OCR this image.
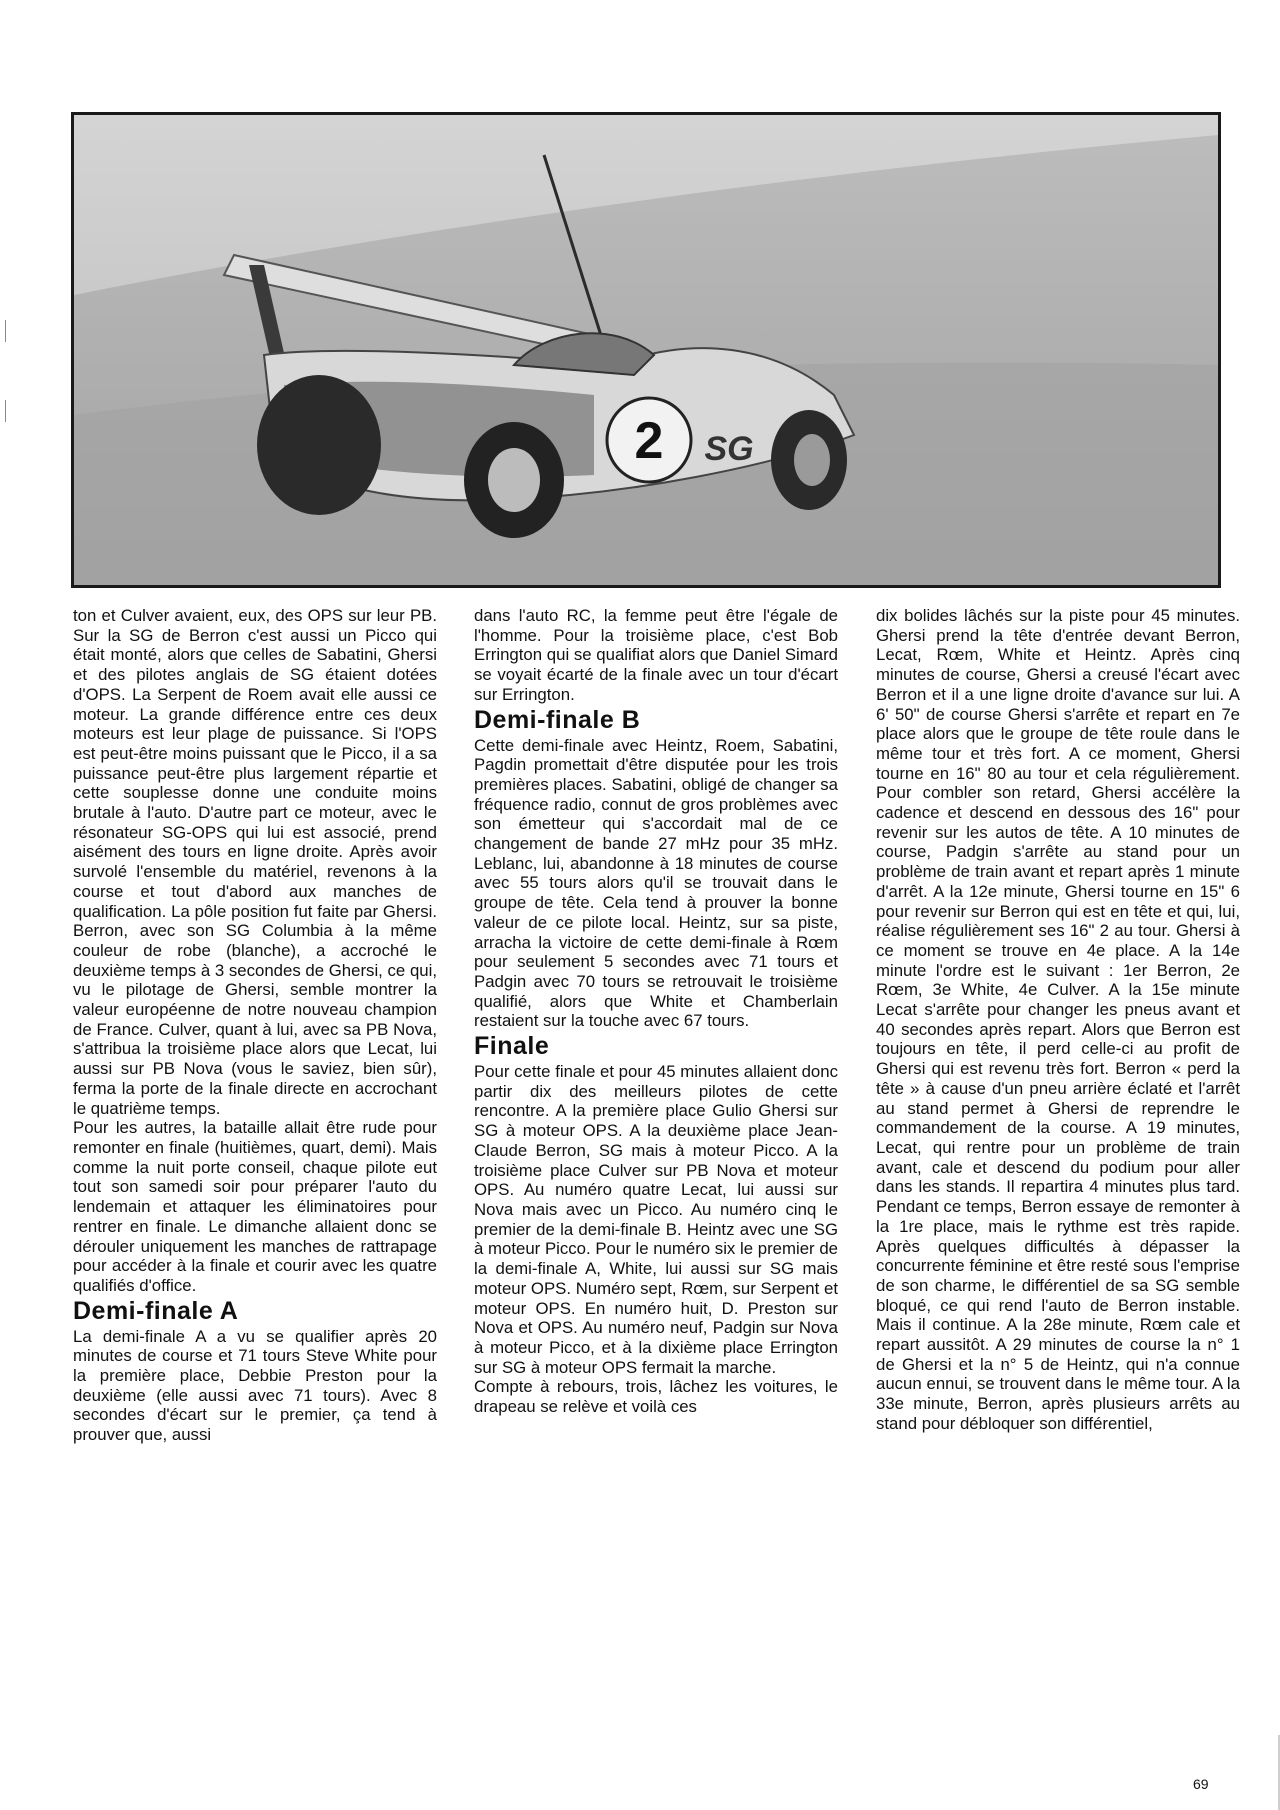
2 SG

ton et Culver avaient, eux, des OPS sur leur PB. Sur la SG de Berron c'est aussi un Picco qui était monté, alors que celles de Sabatini, Ghersi et des pilotes anglais de SG étaient dotées d'OPS. La Serpent de Roem avait elle aussi ce moteur. La grande différence entre ces deux moteurs est leur plage de puissance. Si l'OPS est peut-être moins puissant que le Picco, il a sa puissance peut-être plus largement répartie et cette souplesse donne une conduite moins brutale à l'auto. D'autre part ce moteur, avec le résonateur SG-OPS qui lui est associé, prend aisément des tours en ligne droite. Après avoir survolé l'ensemble du matériel, revenons à la course et tout d'abord aux manches de qualification. La pôle position fut faite par Ghersi. Berron, avec son SG Columbia à la même couleur de robe (blanche), a accroché le deuxième temps à 3 secondes de Ghersi, ce qui, vu le pilotage de Ghersi, semble montrer la valeur européenne de notre nouveau champion de France. Culver, quant à lui, avec sa PB Nova, s'attribua la troisième place alors que Lecat, lui aussi sur PB Nova (vous le saviez, bien sûr), ferma la porte de la finale directe en accrochant le quatrième temps.

Pour les autres, la bataille allait être rude pour remonter en finale (huitièmes, quart, demi). Mais comme la nuit porte conseil, chaque pilote eut tout son samedi soir pour préparer l'auto du lendemain et attaquer les éliminatoires pour rentrer en finale. Le dimanche allaient donc se dérouler uniquement les manches de rattrapage pour accéder à la finale et courir avec les quatre qualifiés d'office.

Demi-finale A

La demi-finale A a vu se qualifier après 20 minutes de course et 71 tours Steve White pour la première place, Debbie Preston pour la deuxième (elle aussi avec 71 tours). Avec 8 secondes d'écart sur le premier, ça tend à prouver que, aussi

dans l'auto RC, la femme peut être l'égale de l'homme. Pour la troisième place, c'est Bob Errington qui se qualifiat alors que Daniel Simard se voyait écarté de la finale avec un tour d'écart sur Errington.

Demi-finale B

Cette demi-finale avec Heintz, Roem, Sabatini, Pagdin promettait d'être disputée pour les trois premières places. Sabatini, obligé de changer sa fréquence radio, connut de gros problèmes avec son émetteur qui s'accordait mal de ce changement de bande 27 mHz pour 35 mHz. Leblanc, lui, abandonne à 18 minutes de course avec 55 tours alors qu'il se trouvait dans le groupe de tête. Cela tend à prouver la bonne valeur de ce pilote local. Heintz, sur sa piste, arracha la victoire de cette demi-finale à Rœm pour seulement 5 secondes avec 71 tours et Padgin avec 70 tours se retrouvait le troisième qualifié, alors que White et Chamberlain restaient sur la touche avec 67 tours.

Finale

Pour cette finale et pour 45 minutes allaient donc partir dix des meilleurs pilotes de cette rencontre. A la première place Gulio Ghersi sur SG à moteur OPS. A la deuxième place Jean-Claude Berron, SG mais à moteur Picco. A la troisième place Culver sur PB Nova et moteur OPS. Au numéro quatre Lecat, lui aussi sur Nova mais avec un Picco. Au numéro cinq le premier de la demi-finale B. Heintz avec une SG à moteur Picco. Pour le numéro six le premier de la demi-finale A, White, lui aussi sur SG mais moteur OPS. Numéro sept, Rœm, sur Serpent et moteur OPS. En numéro huit, D. Preston sur Nova et OPS. Au numéro neuf, Padgin sur Nova à moteur Picco, et à la dixième place Errington sur SG à moteur OPS fermait la marche.

Compte à rebours, trois, lâchez les voitures, le drapeau se relève et voilà ces

dix bolides lâchés sur la piste pour 45 minutes. Ghersi prend la tête d'entrée devant Berron, Lecat, Rœm, White et Heintz. Après cinq minutes de course, Ghersi a creusé l'écart avec Berron et il a une ligne droite d'avance sur lui. A 6' 50" de course Ghersi s'arrête et repart en 7e place alors que le groupe de tête roule dans le même tour et très fort. A ce moment, Ghersi tourne en 16" 80 au tour et cela régulièrement. Pour combler son retard, Ghersi accélère la cadence et descend en dessous des 16" pour revenir sur les autos de tête. A 10 minutes de course, Padgin s'arrête au stand pour un problème de train avant et repart après 1 minute d'arrêt. A la 12e minute, Ghersi tourne en 15" 6 pour revenir sur Berron qui est en tête et qui, lui, réalise régulièrement ses 16" 2 au tour. Ghersi à ce moment se trouve en 4e place. A la 14e minute l'ordre est le suivant : 1er Berron, 2e Rœm, 3e White, 4e Culver. A la 15e minute Lecat s'arrête pour changer les pneus avant et 40 secondes après repart. Alors que Berron est toujours en tête, il perd celle-ci au profit de Ghersi qui est revenu très fort. Berron « perd la tête » à cause d'un pneu arrière éclaté et l'arrêt au stand permet à Ghersi de reprendre le commandement de la course. A 19 minutes, Lecat, qui rentre pour un problème de train avant, cale et descend du podium pour aller dans les stands. Il repartira 4 minutes plus tard. Pendant ce temps, Berron essaye de remonter à la 1re place, mais le rythme est très rapide. Après quelques difficultés à dépasser la concurrente féminine et être resté sous l'emprise de son charme, le différentiel de sa SG semble bloqué, ce qui rend l'auto de Berron instable. Mais il continue. A la 28e minute, Rœm cale et repart aussitôt. A 29 minutes de course la n° 1 de Ghersi et la n° 5 de Heintz, qui n'a connue aucun ennui, se trouvent dans le même tour. A la 33e minute, Berron, après plusieurs arrêts au stand pour débloquer son différentiel,

69
